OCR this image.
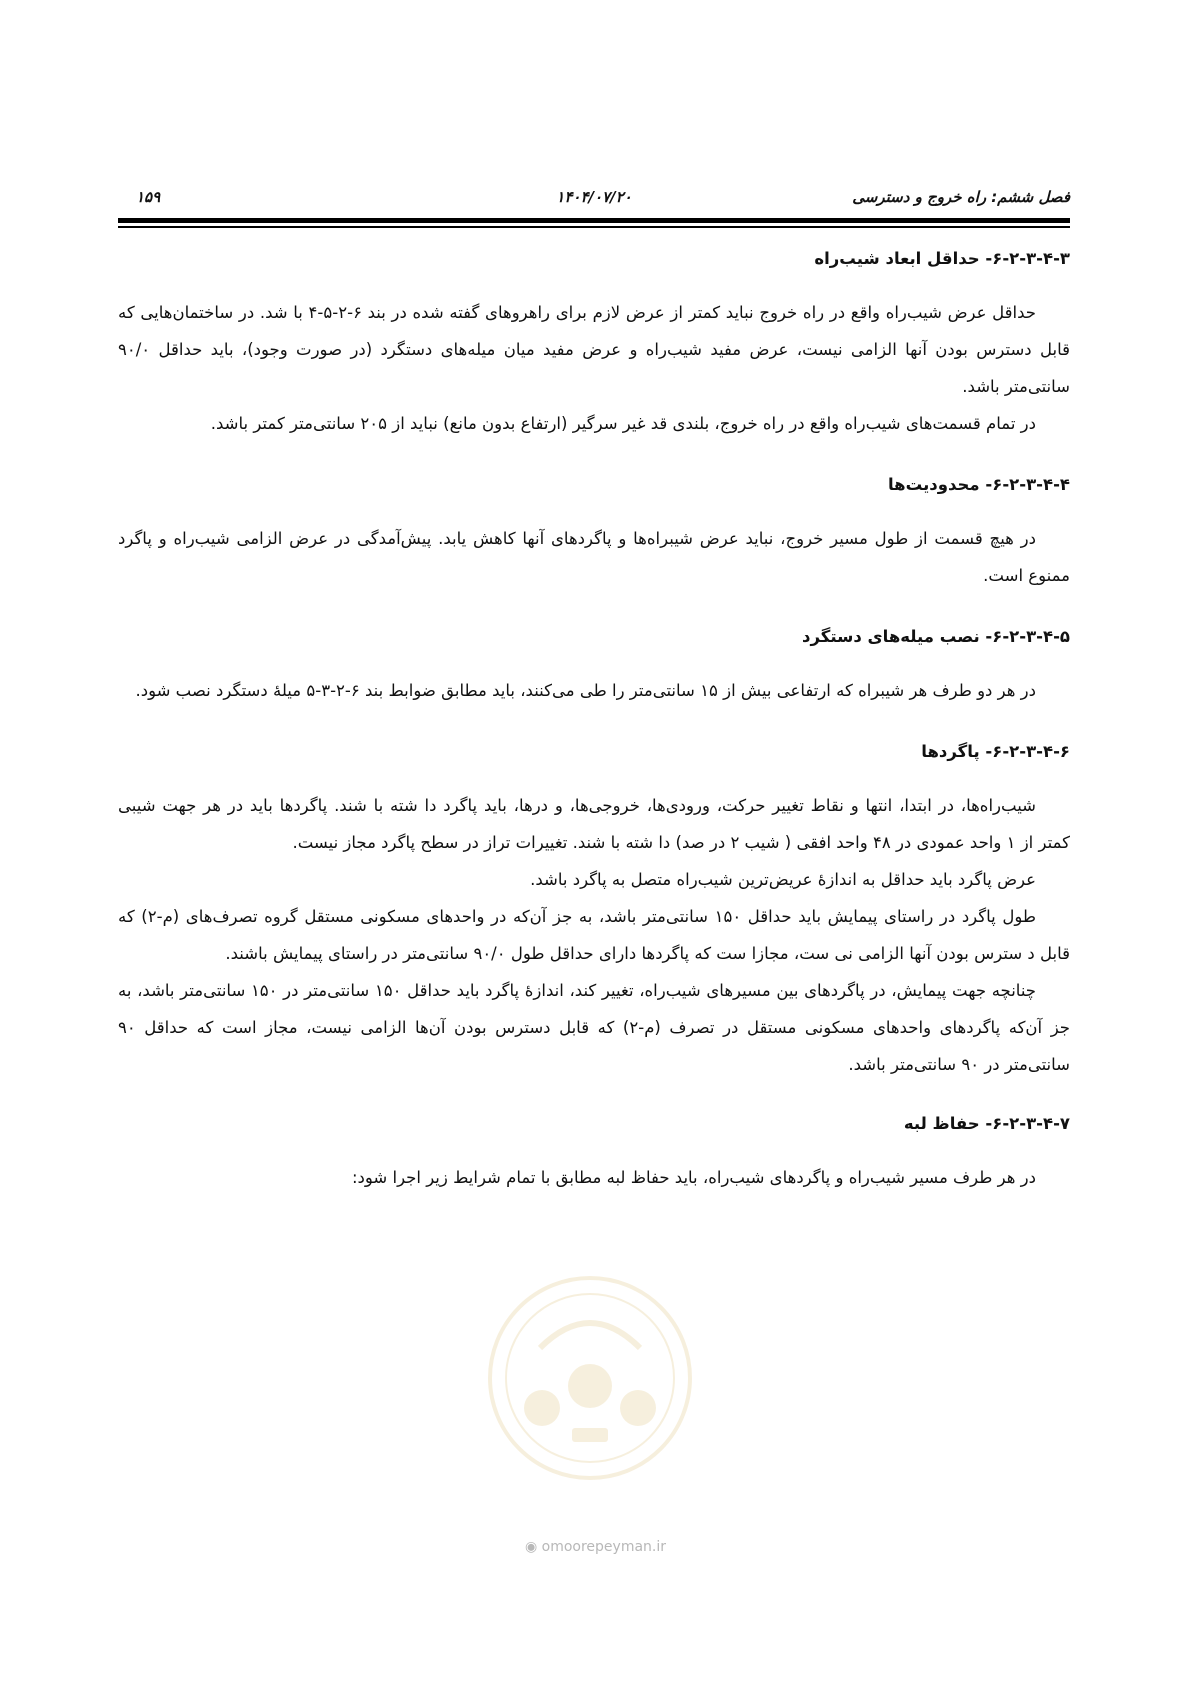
فصل ششم: راه خروج و دسترسی
۱۴۰۴/۰۷/۲۰
۱۵۹
۶-۲-۳-۴-۳- حداقل ابعاد شیب‌راه

حداقل عرض شیب‌راه واقع در راه خروج نباید کمتر از عرض لازم برای راهروهای گفته شده در بند ۶-۲-۵-۴ با شد. در ساختمان‌هایی که قابل دسترس بودن آنها الزامی نیست، عرض مفید شیب‌راه و عرض مفید میان میله‌های دستگرد (در صورت وجود)، باید حداقل ۹۰/۰ سانتی‌متر باشد.

در تمام قسمت‌های شیب‌راه واقع در راه خروج، بلندی قد غیر سرگیر (ارتفاع بدون مانع) نباید از ۲۰۵ سانتی‌متر کمتر باشد.

۶-۲-۳-۴-۴- محدودیت‌ها

در هیچ قسمت از طول مسیر خروج، نباید عرض شیبراه‌ها و پاگردهای آنها کاهش یابد. پیش‌آمدگی در عرض الزامی شیب‌راه و پاگرد ممنوع است.

۶-۲-۳-۴-۵- نصب میله‌های دستگرد

در هر دو طرف هر شیبراه که ارتفاعی بیش از ۱۵ سانتی‌متر را طی می‌کنند، باید مطابق ضوابط بند ۶-۲-۳-۵ میلهٔ دستگرد نصب شود.

۶-۲-۳-۴-۶- پاگردها

شیب‌راه‌ها، در ابتدا، انتها و نقاط تغییر حرکت، ورودی‌ها، خروجی‌ها، و درها، باید پاگرد دا شته با شند. پاگردها باید در هر جهت شیبی کمتر از ۱ واحد عمودی در ۴۸ واحد افقی ( شیب ۲ در صد) دا شته با شند. تغییرات تراز در سطح پاگرد مجاز نیست.

عرض پاگرد باید حداقل به اندازهٔ عریض‌ترین شیب‌راه متصل به پاگرد باشد.

طول پاگرد در راستای پیمایش باید حداقل ۱۵۰ سانتی‌متر باشد، به جز آن‌که در واحدهای مسکونی مستقل گروه تصرف‌های (م-۲) که قابل د سترس بودن آنها الزامی نی ست، مجازا ست که پاگردها دارای حداقل طول ۹۰/۰ سانتی‌متر در راستای پیمایش باشند.

چنانچه جهت پیمایش، در پاگردهای بین مسیرهای شیب‌راه، تغییر کند، اندازهٔ پاگرد باید حداقل ۱۵۰ سانتی‌متر در ۱۵۰ سانتی‌متر باشد، به جز آن‌که پاگردهای واحدهای مسکونی مستقل در تصرف (م-۲) که قابل دسترس بودن آن‌ها الزامی نیست، مجاز است که حداقل ۹۰ سانتی‌متر در ۹۰ سانتی‌متر باشد.

۶-۲-۳-۴-۷- حفاظ لبه

در هر طرف مسیر شیب‌راه و پاگردهای شیب‌راه، باید حفاظ لبه مطابق با تمام شرایط زیر اجرا شود:

◉ omoorepeyman.ir
